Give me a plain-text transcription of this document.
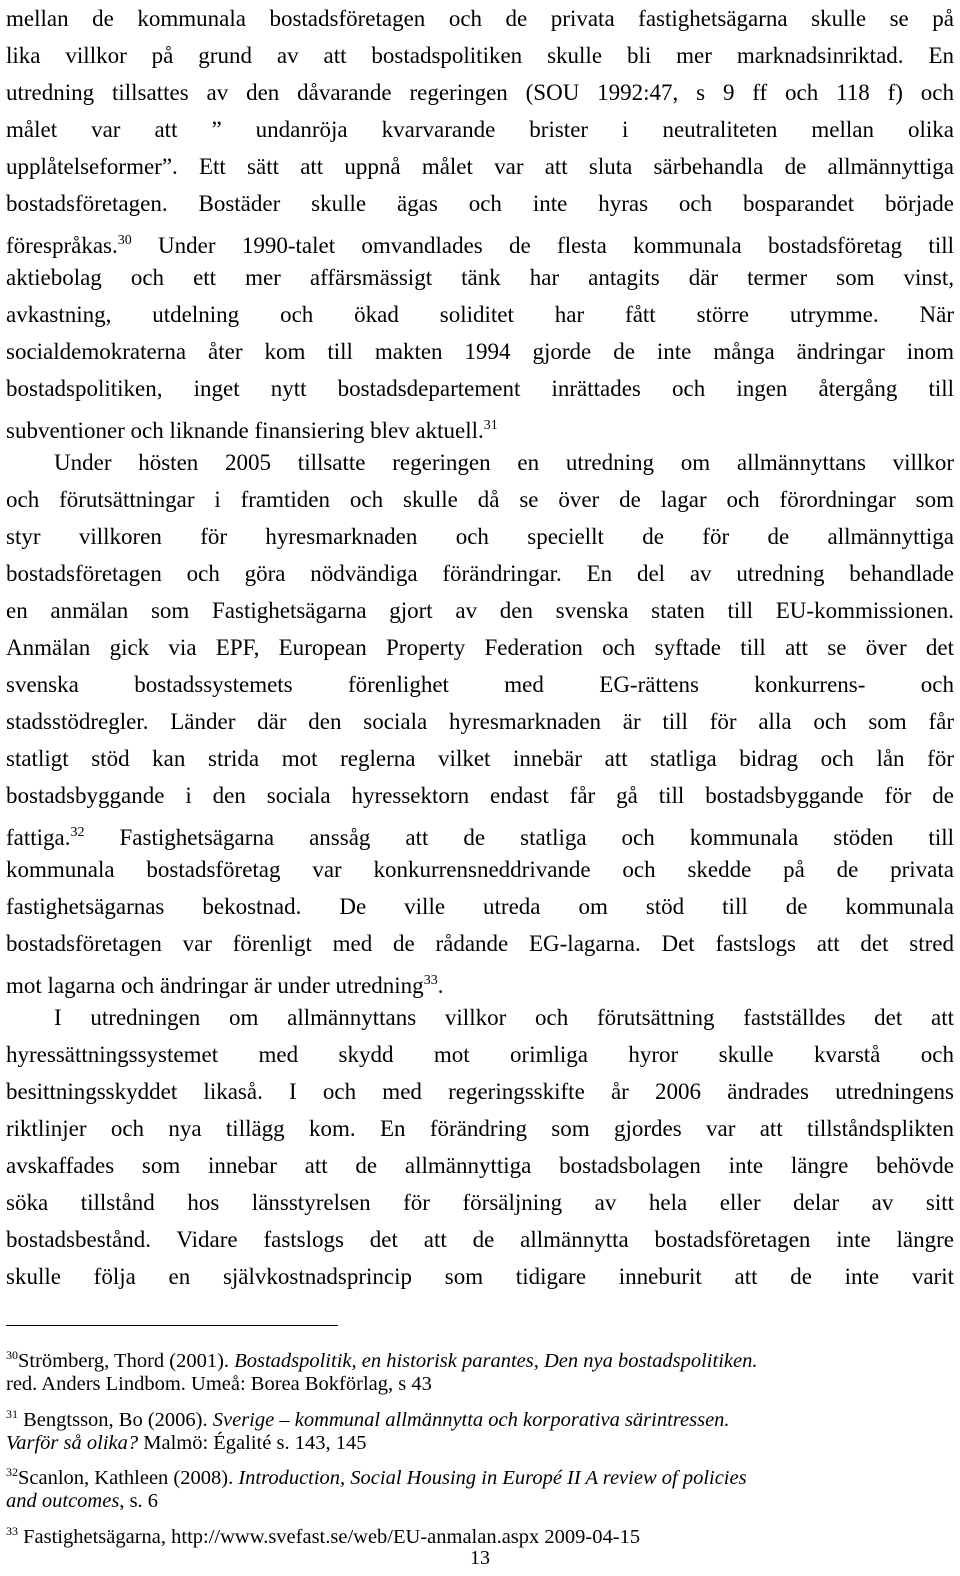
mellan de kommunala bostadsföretagen och de privata fastighetsägarna skulle se på
lika villkor på grund av att bostadspolitiken skulle bli mer marknadsinriktad. En
utredning tillsattes av den dåvarande regeringen (SOU 1992:47, s 9 ff och 118 f) och
målet var att ” undanröja kvarvarande brister i neutraliteten mellan olika
upplåtelseformer”. Ett sätt att uppnå målet var att sluta särbehandla de allmännyttiga
bostadsföretagen. Bostäder skulle ägas och inte hyras och bosparandet började
förespråkas.$^{30}$ Under 1990-talet omvandlades de flesta kommunala bostadsföretag till
aktiebolag och ett mer affärsmässigt tänk har antagits där termer som vinst,
avkastning, utdelning och ökad soliditet har fått större utrymme. När
socialdemokraterna åter kom till makten 1994 gjorde de inte många ändringar inom
bostadspolitiken, inget nytt bostadsdepartement inrättades och ingen återgång till
subventioner och liknande finansiering blev aktuell.$^{31}$
Under hösten 2005 tillsatte regeringen en utredning om allmännyttans villkor
och förutsättningar i framtiden och skulle då se över de lagar och förordningar som
styr villkoren för hyresmarknaden och speciellt de för de allmännyttiga
bostadsföretagen och göra nödvändiga förändringar. En del av utredning behandlade
en anmälan som Fastighetsägarna gjort av den svenska staten till EU-kommissionen.
Anmälan gick via EPF, European Property Federation och syftade till att se över det
svenska bostadssystemets förenlighet med EG-rättens konkurrens- och
stadsstödregler. Länder där den sociala hyresmarknaden är till för alla och som får
statligt stöd kan strida mot reglerna vilket innebär att statliga bidrag och lån för
bostadsbyggande i den sociala hyressektorn endast får gå till bostadsbyggande för de
fattiga.$^{32}$ Fastighetsägarna anssåg att de statliga och kommunala stöden till
kommunala bostadsföretag var konkurrensneddrivande och skedde på de privata
fastighetsägarnas bekostnad. De ville utreda om stöd till de kommunala
bostadsföretagen var förenligt med de rådande EG-lagarna. Det fastslogs att det stred
mot lagarna och ändringar är under utredning$^{33}$.
I utredningen om allmännyttans villkor och förutsättning fastställdes det att
hyressättningssystemet med skydd mot orimliga hyror skulle kvarstå och
besittningsskyddet likaså. I och med regeringsskifte år 2006 ändrades utredningens
riktlinjer och nya tillägg kom. En förändring som gjordes var att tillståndsplikten
avskaffades som innebar att de allmännyttiga bostadsbolagen inte längre behövde
söka tillstånd hos länsstyrelsen för försäljning av hela eller delar av sitt
bostadsbestånd. Vidare fastslogs det att de allmännytta bostadsföretagen inte längre
skulle följa en självkostnadsprincip som tidigare inneburit att de inte varit
$^{30}$Strömberg, Thord (2001). Bostadspolitik, en historisk parantes, Den nya bostadspolitiken.
red. Anders Lindbom. Umeå: Borea Bokförlag, s 43
$^{31}$ Bengtsson, Bo (2006). Sverige – kommunal allmännytta och korporativa särintressen.
Varför så olika? Malmö: Égalité s. 143, 145
$^{32}$Scanlon, Kathleen (2008). Introduction, Social Housing in Europé II A review of policies
and outcomes, s. 6
$^{33}$ Fastighetsägarna, http://www.svefast.se/web/EU-anmalan.aspx 2009-04-15
13
